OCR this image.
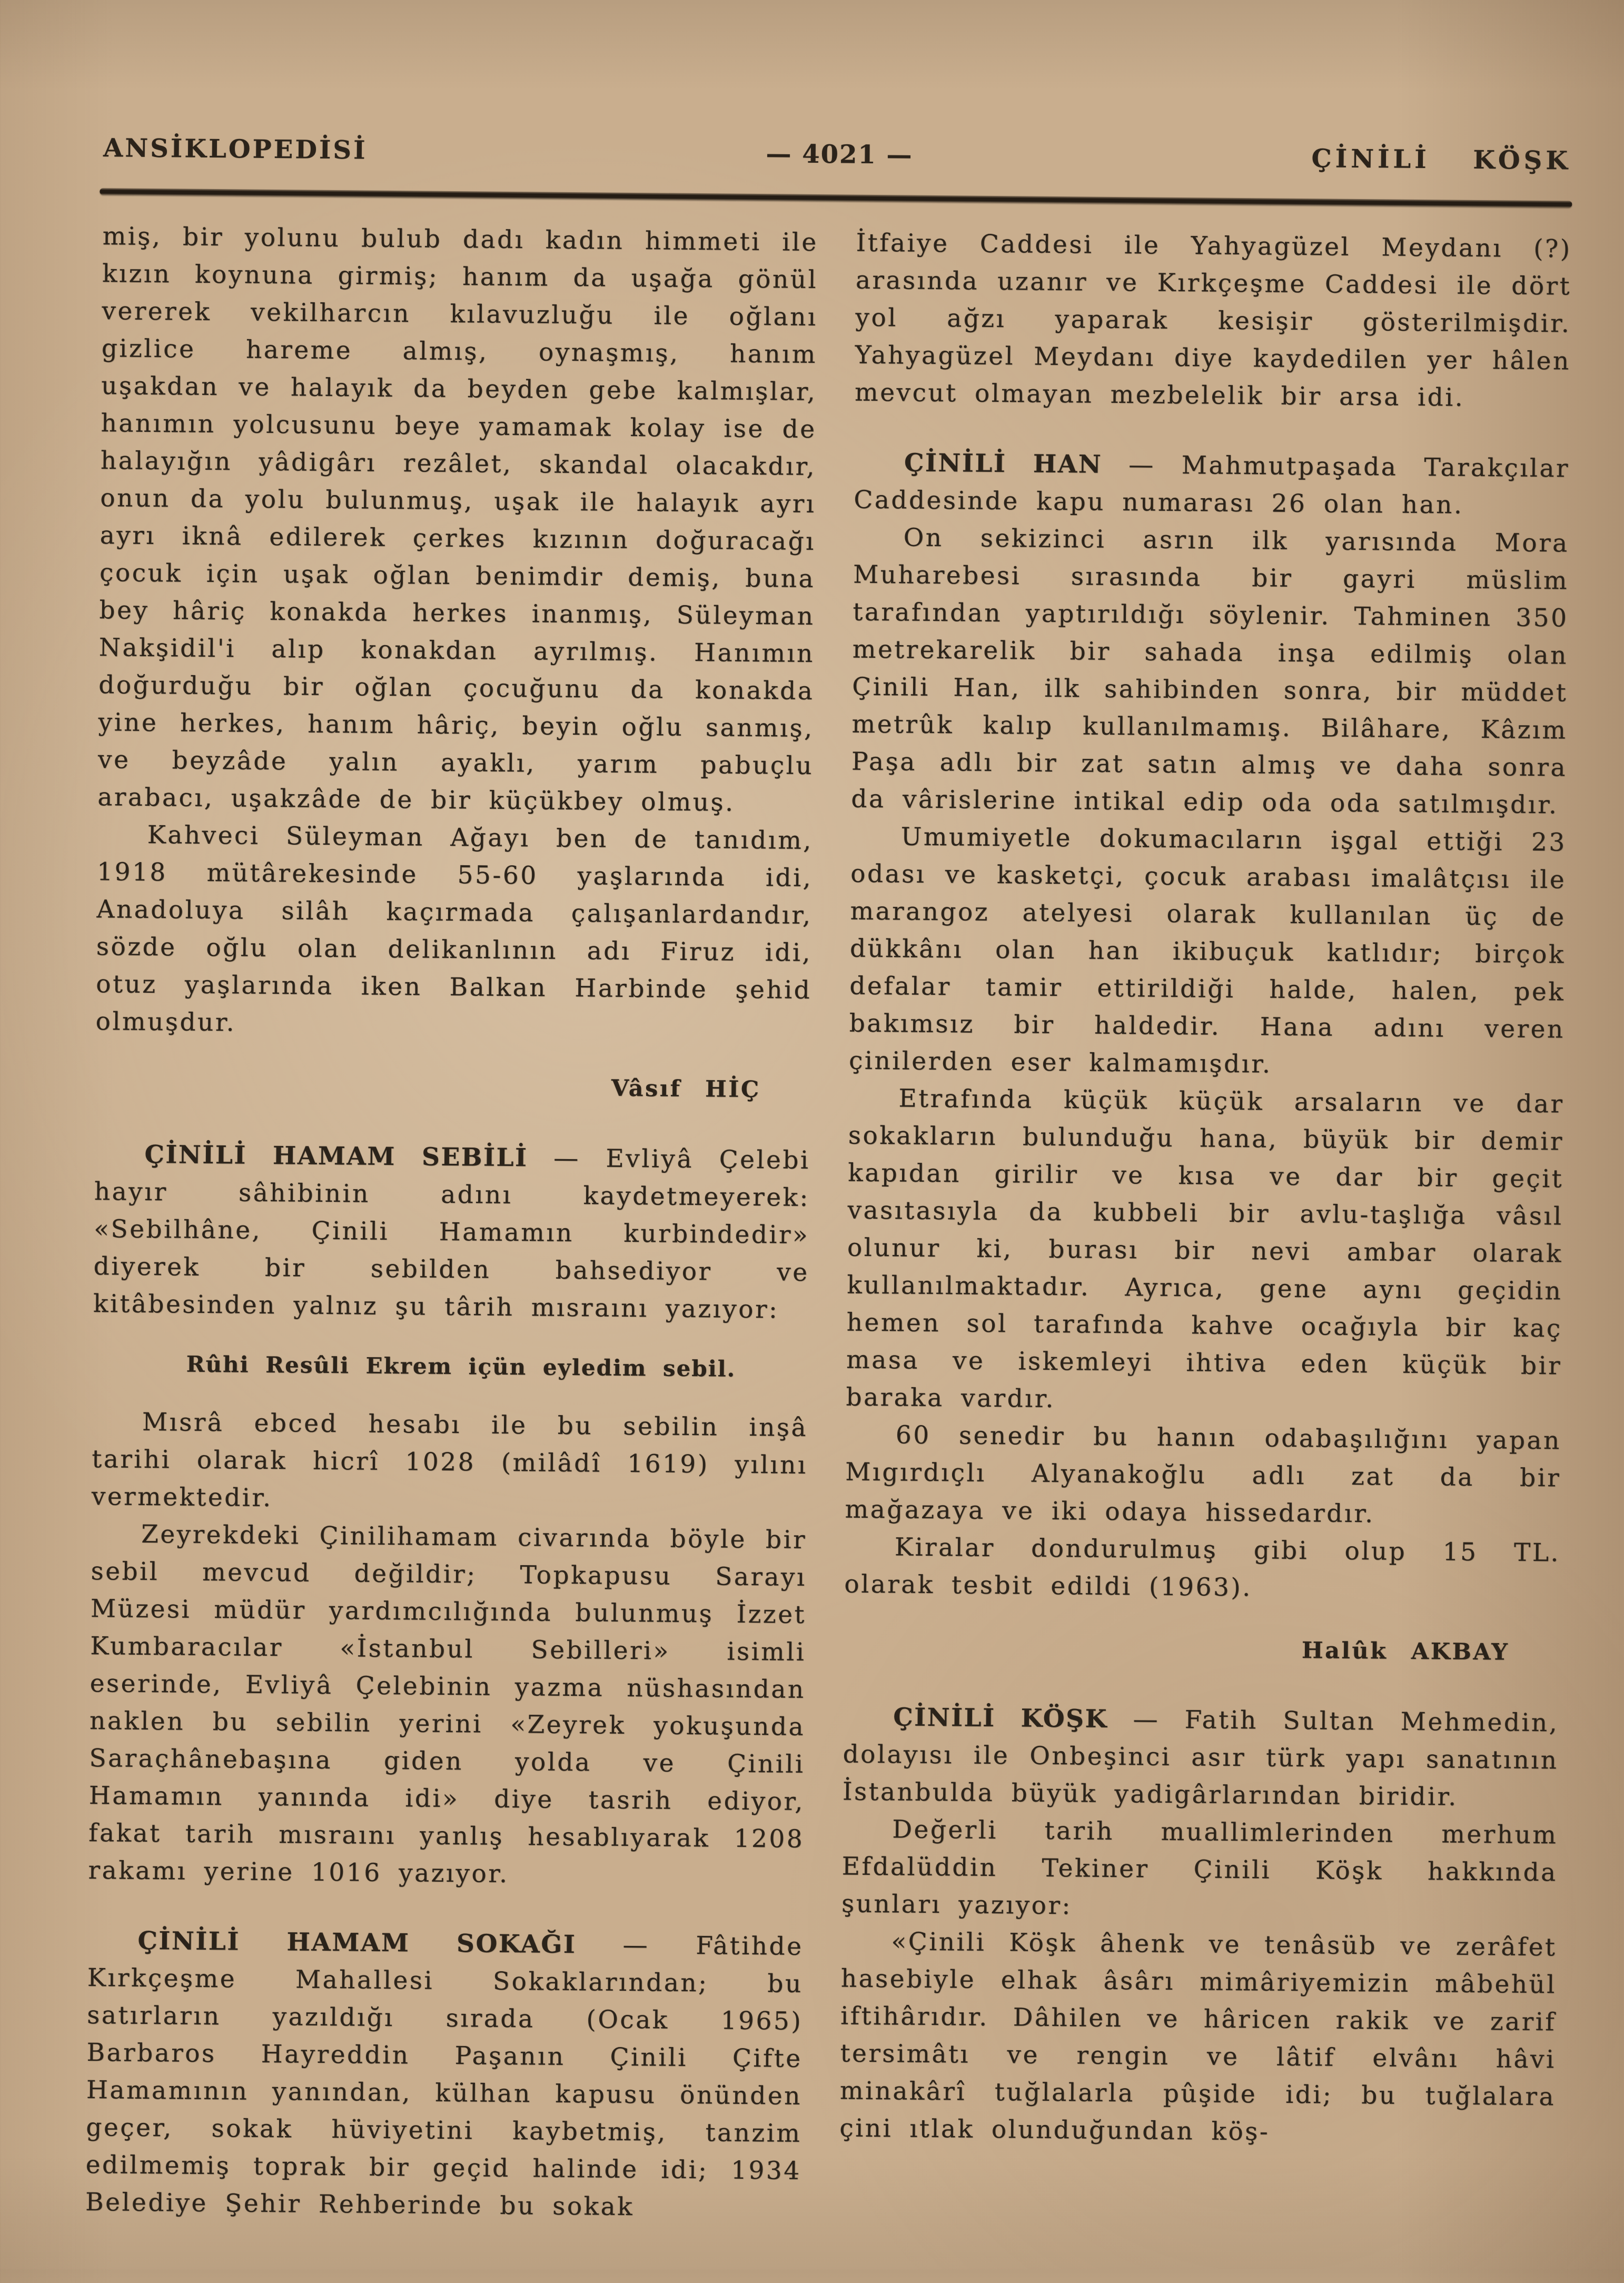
ANSİKLOPEDİSİ	— 4021 —	ÇİNİLİ KÖŞK

miş, bir yolunu bulub dadı kadın himmeti ile kızın koynuna girmiş; hanım da uşağa gönül vererek vekilharcın kılavuzluğu ile oğlanı gizlice hareme almış, oynaşmış, hanım uşakdan ve halayık da beyden gebe kalmışlar, hanımın yolcusunu beye yamamak kolay ise de halayığın yâdigârı rezâlet, skandal olacakdır, onun da yolu bulunmuş, uşak ile halayık ayrı ayrı iknâ edilerek çerkes kızının doğuracağı çocuk için uşak oğlan benimdir demiş, buna bey hâriç konakda herkes inanmış, Süleyman Nakşidil'i alıp konakdan ayrılmış. Hanımın doğurduğu bir oğlan çocuğunu da konakda yine herkes, hanım hâriç, beyin oğlu sanmış, ve beyzâde yalın ayaklı, yarım pabuçlu arabacı, uşakzâde de bir küçükbey olmuş.

Kahveci Süleyman Ağayı ben de tanıdım, 1918 mütârekesinde 55-60 yaşlarında idi, Anadoluya silâh kaçırmada çalışanlardandır, sözde oğlu olan delikanlının adı Firuz idi, otuz yaşlarında iken Balkan Harbinde şehid olmuşdur.

Vâsıf HİÇ

ÇİNİLİ HAMAM SEBİLİ — Evliyâ Çelebi hayır sâhibinin adını kaydetmeyerek: «Sebilhâne, Çinili Hamamın kurbindedir» diyerek bir sebilden bahsediyor ve kitâbesinden yalnız şu târih mısraını yazıyor:

Rûhi Resûli Ekrem içün eyledim sebil.

Mısrâ ebced hesabı ile bu sebilin inşâ tarihi olarak hicrî 1028 (milâdî 1619) yılını vermektedir.

Zeyrekdeki Çinilihamam civarında böyle bir sebil mevcud değildir; Topkapusu Sarayı Müzesi müdür yardımcılığında bulunmuş İzzet Kumbaracılar «İstanbul Sebilleri» isimli eserinde, Evliyâ Çelebinin yazma nüshasından naklen bu sebilin yerini «Zeyrek yokuşunda Saraçhânebaşına giden yolda ve Çinili Hamamın yanında idi» diye tasrih ediyor, fakat tarih mısraını yanlış hesablıyarak 1208 rakamı yerine 1016 yazıyor.

ÇİNİLİ HAMAM SOKAĞI — Fâtihde Kırkçeşme Mahallesi Sokaklarından; bu satırların yazıldığı sırada (Ocak 1965) Barbaros Hayreddin Paşanın Çinili Çifte Hamamının yanından, külhan kapusu önünden geçer, sokak hüviyetini kaybetmiş, tanzim edilmemiş toprak bir geçid halinde idi; 1934 Belediye Şehir Rehberinde bu sokak

İtfaiye Caddesi ile Yahyagüzel Meydanı (?) arasında uzanır ve Kırkçeşme Caddesi ile dört yol ağzı yaparak kesişir gösterilmişdir. Yahyagüzel Meydanı diye kaydedilen yer hâlen mevcut olmayan mezbelelik bir arsa idi.

ÇİNİLİ HAN — Mahmutpaşada Tarakçılar Caddesinde kapu numarası 26 olan han.

On sekizinci asrın ilk yarısında Mora Muharebesi sırasında bir gayri müslim tarafından yaptırıldığı söylenir. Tahminen 350 metrekarelik bir sahada inşa edilmiş olan Çinili Han, ilk sahibinden sonra, bir müddet metrûk kalıp kullanılmamış. Bilâhare, Kâzım Paşa adlı bir zat satın almış ve daha sonra da vârislerine intikal edip oda oda satılmışdır.

Umumiyetle dokumacıların işgal ettiği 23 odası ve kasketçi, çocuk arabası imalâtçısı ile marangoz atelyesi olarak kullanılan üç de dükkânı olan han ikibuçuk katlıdır; birçok defalar tamir ettirildiği halde, halen, pek bakımsız bir haldedir. Hana adını veren çinilerden eser kalmamışdır.

Etrafında küçük küçük arsaların ve dar sokakların bulunduğu hana, büyük bir demir kapıdan girilir ve kısa ve dar bir geçit vasıtasıyla da kubbeli bir avlu-taşlığa vâsıl olunur ki, burası bir nevi ambar olarak kullanılmaktadır. Ayrıca, gene aynı geçidin hemen sol tarafında kahve ocağıyla bir kaç masa ve iskemleyi ihtiva eden küçük bir baraka vardır.

60 senedir bu hanın odabaşılığını yapan Mıgırdıçlı Alyanakoğlu adlı zat da bir mağazaya ve iki odaya hissedardır.

Kiralar dondurulmuş gibi olup 15 TL. olarak tesbit edildi (1963).

Halûk AKBAY

ÇİNİLİ KÖŞK — Fatih Sultan Mehmedin, dolayısı ile Onbeşinci asır türk yapı sanatının İstanbulda büyük yadigârlarından biridir.

Değerli tarih muallimlerinden merhum Efdalüddin Tekiner Çinili Köşk hakkında şunları yazıyor:

«Çinili Köşk âhenk ve tenâsüb ve zerâfet hasebiyle elhak âsârı mimâriyemizin mâbehül iftihârıdır. Dâhilen ve hâricen rakik ve zarif tersimâtı ve rengin ve lâtif elvânı hâvi minakârî tuğlalarla pûşide idi; bu tuğlalara çini ıtlak olunduğundan köş-
